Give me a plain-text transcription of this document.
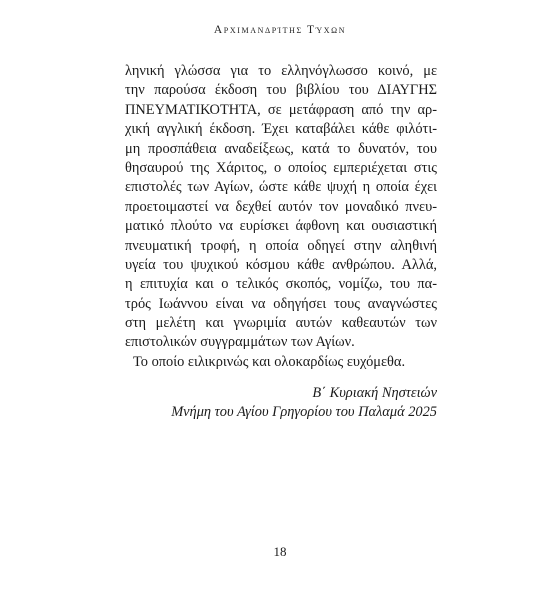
Αρχιμανδρίτης Τύχων
ληνική γλώσσα για το ελληνόγλωσσο κοινό, με
την παρούσα έκδοση του βιβλίου του ΔΙΑΥΓΗΣ
ΠΝΕΥΜΑΤΙΚΟΤΗΤΑ, σε μετάφραση από την αρ-
χική αγγλική έκδοση. Έχει καταβάλει κάθε φιλότι-
μη προσπάθεια αναδείξεως, κατά το δυνατόν, του
θησαυρού της Χάριτος, ο οποίος εμπεριέχεται στις
επιστολές των Αγίων, ώστε κάθε ψυχή η οποία έχει
προετοιμαστεί να δεχθεί αυτόν τον μοναδικό πνευ-
ματικό πλούτο να ευρίσκει άφθονη και ουσιαστική
πνευματική τροφή, η οποία οδηγεί στην αληθινή
υγεία του ψυχικού κόσμου κάθε ανθρώπου. Αλλά,
η επιτυχία και ο τελικός σκοπός, νομίζω, του πα-
τρός Ιωάννου είναι να οδηγήσει τους αναγνώστες
στη μελέτη και γνωριμία αυτών καθεαυτών των
επιστολικών συγγραμμάτων των Αγίων.
Το οποίο ειλικρινώς και ολοκαρδίως ευχόμεθα.
Β΄ Κυριακή Νηστειών
Μνήμη του Αγίου Γρηγορίου του Παλαμά 2025
18
